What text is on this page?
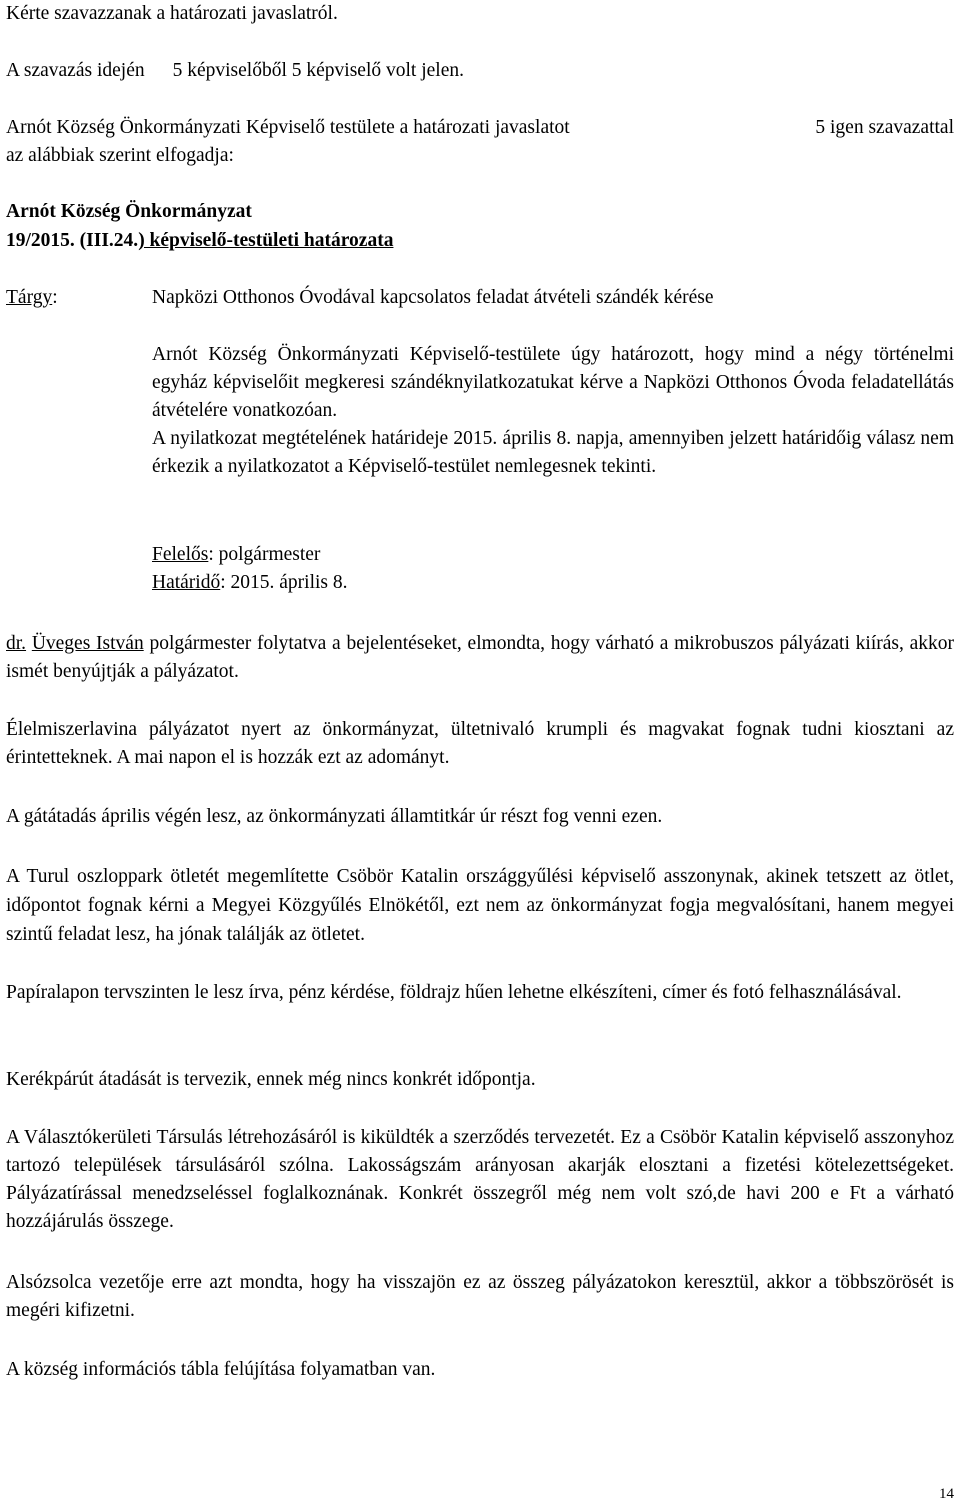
Kérte szavazzanak a határozati javaslatról.

A szavazás idején 5 képviselőből 5 képviselő volt jelen.

Arnót Község Önkormányzati Képviselő testülete a határozati javaslatot	5 igen szavazattal

az alábbiak szerint elfogadja:

Arnót Község Önkormányzat

19/2015. (III.24.) képviselő-testületi határozata

Tárgy:	Napközi Otthonos Óvodával kapcsolatos feladat átvételi szándék kérése

Arnót Község Önkormányzati Képviselő-testülete úgy határozott, hogy mind a négy történelmi egyház képviselőit megkeresi szándéknyilatkozatukat kérve a Napközi Otthonos Óvoda feladatellátás átvételére vonatkozóan.

A nyilatkozat megtételének határideje 2015. április 8. napja, amennyiben jelzett határidőig válasz nem érkezik a nyilatkozatot a Képviselő-testület nemlegesnek tekinti.

Felelős: polgármester

Határidő: 2015. április 8.

dr. Üveges István polgármester folytatva a bejelentéseket, elmondta, hogy várható a mikrobuszos pályázati kiírás, akkor ismét benyújtják a pályázatot.

Élelmiszerlavina pályázatot nyert az önkormányzat, ültetnivaló krumpli és magvakat fognak tudni kiosztani az érintetteknek. A mai napon el is hozzák ezt az adományt.

A gátátadás április végén lesz, az önkormányzati államtitkár úr részt fog venni ezen.

A Turul oszloppark ötletét megemlítette Csöbör Katalin országgyűlési képviselő asszonynak, akinek tetszett az ötlet, időpontot fognak kérni a Megyei Közgyűlés Elnökétől, ezt nem az önkormányzat fogja megvalósítani, hanem megyei szintű feladat lesz, ha jónak találják az ötletet.

Papíralapon tervszinten le lesz írva, pénz kérdése, földrajz hűen lehetne elkészíteni, címer és fotó felhasználásával.

Kerékpárút átadását is tervezik, ennek még nincs konkrét időpontja.

A Választókerületi Társulás létrehozásáról is kiküldték a szerződés tervezetét. Ez a Csöbör Katalin képviselő asszonyhoz tartozó települések társulásáról szólna. Lakosságszám arányosan akarják elosztani a fizetési kötelezettségeket. Pályázatírással menedzseléssel foglalkoznának. Konkrét összegről még nem volt szó,de havi 200 e Ft a várható hozzájárulás összege.

Alsózsolca vezetője erre azt mondta, hogy ha visszajön ez az összeg pályázatokon keresztül, akkor a többszörösét is megéri kifizetni.

A község információs tábla felújítása folyamatban van.

14
